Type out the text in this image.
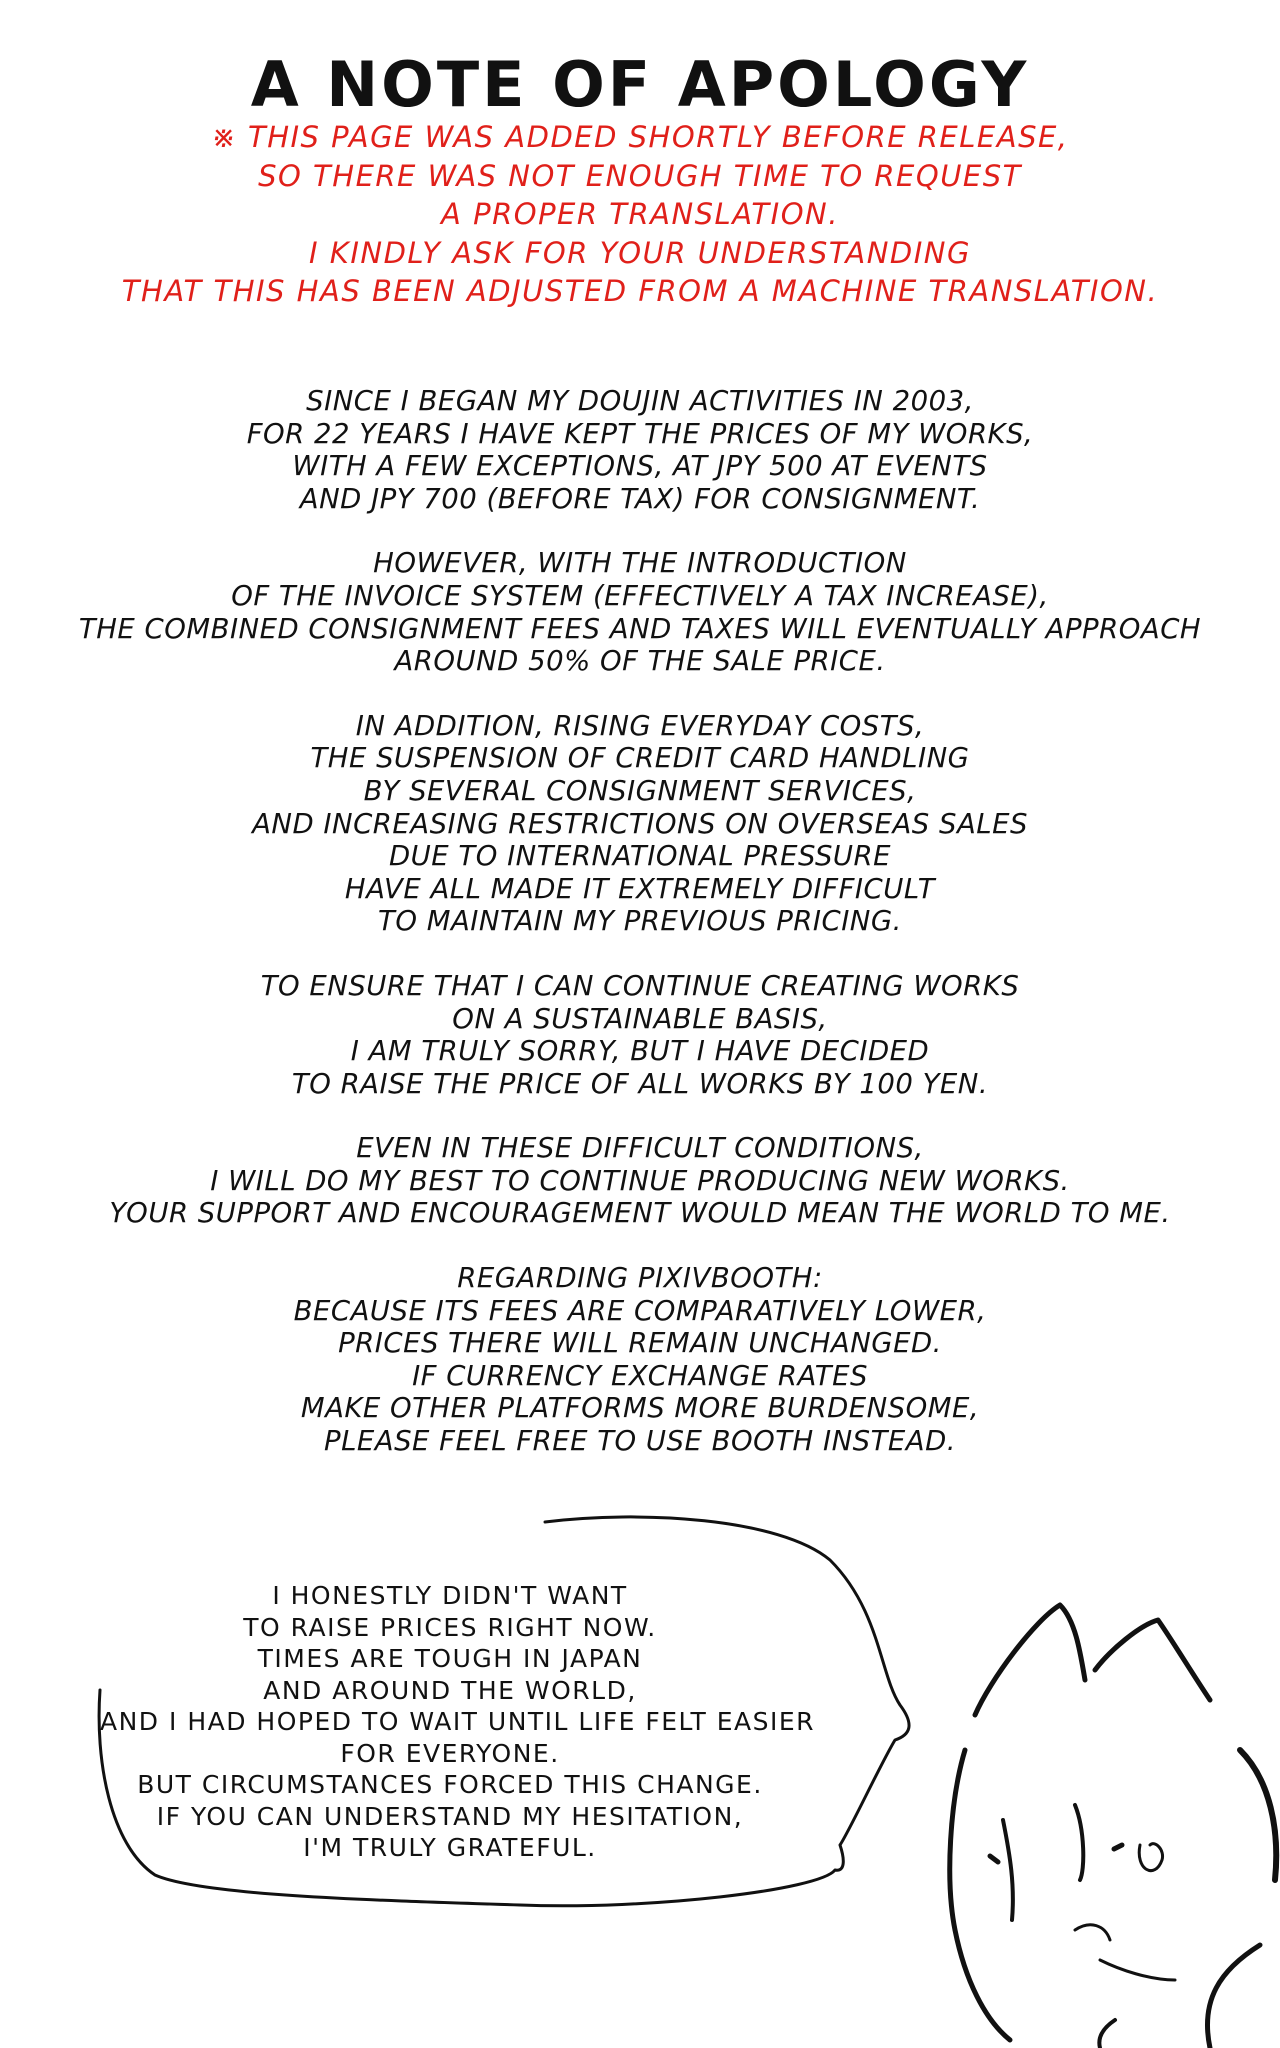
A NOTE OF APOLOGY
※ THIS PAGE WAS ADDED SHORTLY BEFORE RELEASE,
SO THERE WAS NOT ENOUGH TIME TO REQUEST
A PROPER TRANSLATION.
I KINDLY ASK FOR YOUR UNDERSTANDING
THAT THIS HAS BEEN ADJUSTED FROM A MACHINE TRANSLATION.
SINCE I BEGAN MY DOUJIN ACTIVITIES IN 2003,
FOR 22 YEARS I HAVE KEPT THE PRICES OF MY WORKS,
WITH A FEW EXCEPTIONS, AT JPY 500 AT EVENTS
AND JPY 700 (BEFORE TAX) FOR CONSIGNMENT.
HOWEVER, WITH THE INTRODUCTION
OF THE INVOICE SYSTEM (EFFECTIVELY A TAX INCREASE),
THE COMBINED CONSIGNMENT FEES AND TAXES WILL EVENTUALLY APPROACH
AROUND 50% OF THE SALE PRICE.
IN ADDITION, RISING EVERYDAY COSTS,
THE SUSPENSION OF CREDIT CARD HANDLING
BY SEVERAL CONSIGNMENT SERVICES,
AND INCREASING RESTRICTIONS ON OVERSEAS SALES
DUE TO INTERNATIONAL PRESSURE
HAVE ALL MADE IT EXTREMELY DIFFICULT
TO MAINTAIN MY PREVIOUS PRICING.
TO ENSURE THAT I CAN CONTINUE CREATING WORKS
ON A SUSTAINABLE BASIS,
I AM TRULY SORRY, BUT I HAVE DECIDED
TO RAISE THE PRICE OF ALL WORKS BY 100 YEN.
EVEN IN THESE DIFFICULT CONDITIONS,
I WILL DO MY BEST TO CONTINUE PRODUCING NEW WORKS.
YOUR SUPPORT AND ENCOURAGEMENT WOULD MEAN THE WORLD TO ME.
REGARDING PIXIVBOOTH:
BECAUSE ITS FEES ARE COMPARATIVELY LOWER,
PRICES THERE WILL REMAIN UNCHANGED.
IF CURRENCY EXCHANGE RATES
MAKE OTHER PLATFORMS MORE BURDENSOME,
PLEASE FEEL FREE TO USE BOOTH INSTEAD.
I HONESTLY DIDN'T WANT
TO RAISE PRICES RIGHT NOW.
TIMES ARE TOUGH IN JAPAN
AND AROUND THE WORLD,
AND I HAD HOPED TO WAIT UNTIL LIFE FELT EASIER
FOR EVERYONE.
BUT CIRCUMSTANCES FORCED THIS CHANGE.
IF YOU CAN UNDERSTAND MY HESITATION,
I'M TRULY GRATEFUL.
